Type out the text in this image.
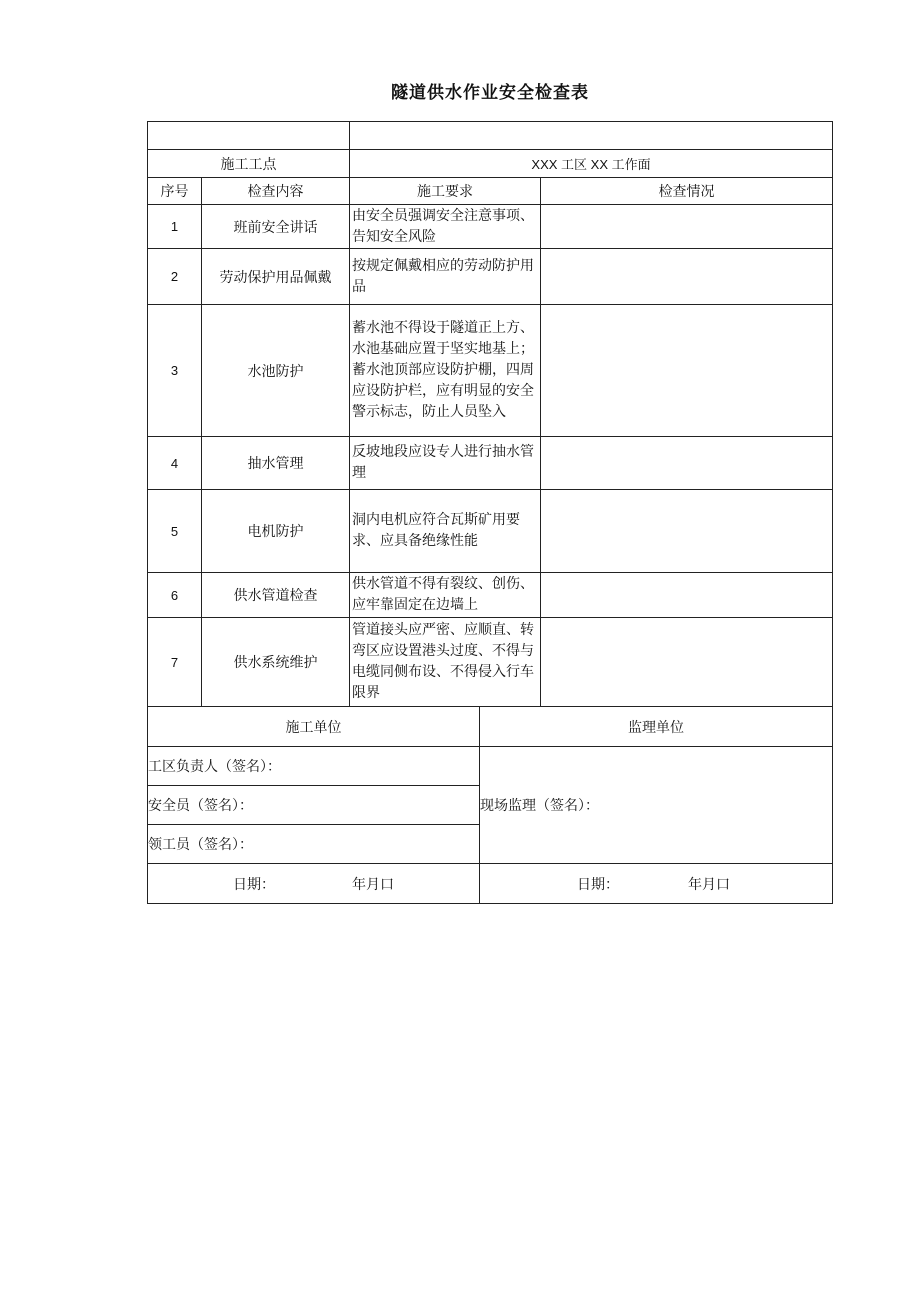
隧道供水作业安全检查表

施工工点		XXX 工区 XX 工作面		
序号	检查内容	施工要求		检查情况
1	班前安全讲话	由安全员强调安全注意事项、告知安全风险		
2	劳动保护用品佩戴	按规定佩戴相应的劳动防护用品		
3	水池防护	蓄水池不得设于隧道正上方、水池基础应置于坚实地基上；蓄水池顶部应设防护棚，四周应设防护栏，应有明显的安全警示标志，防止人员坠入		
4	抽水管理	反坡地段应设专人进行抽水管理		
5	电机防护	洞内电机应符合瓦斯矿用要求、应具备绝缘性能		
6	供水管道检查	供水管道不得有裂纹、创伤、应牢靠固定在边墙上		
7	供水系统维护	管道接头应严密、应顺直、转弯区应设置港头过度、不得与电缆同侧布设、不得侵入行车限界		
施工单位			监理单位	
工区负责人（签名）：			现场监理（签名）：	
安全员（签名）：				
领工员（签名）：				

日期： 年月口			日期： 年月口	
